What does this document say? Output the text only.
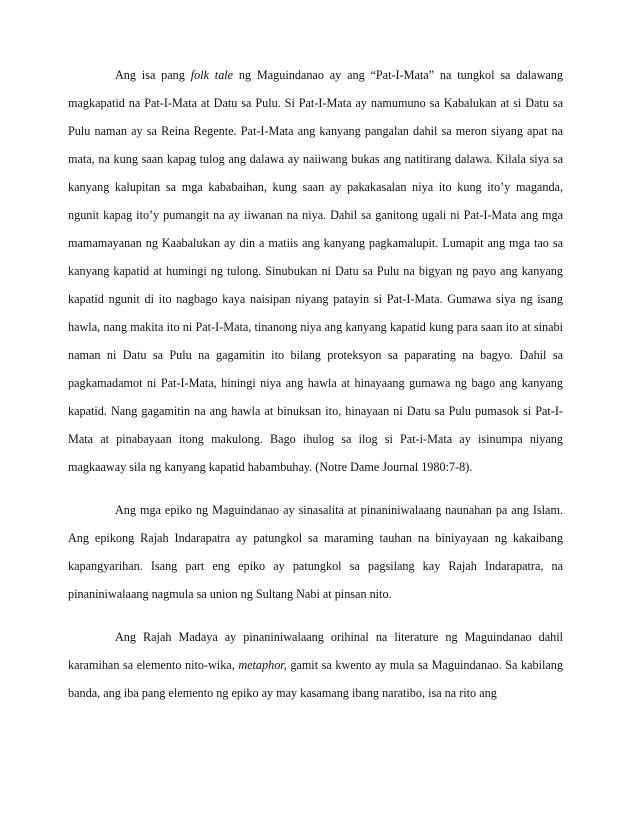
Ang isa pang folk tale ng Maguindanao ay ang “Pat-I-Mata” na tungkol sa dalawang magkapatid na Pat-I-Mata at Datu sa Pulu. Si Pat-I-Mata ay namumuno sa Kabalukan at si Datu sa Pulu naman ay sa Reina Regente. Pat-I-Mata ang kanyang pangalan dahil sa meron siyang apat na mata, na kung saan kapag tulog ang dalawa ay naiiwang bukas ang natitirang dalawa. Kilala siya sa kanyang kalupitan sa mga kababaihan, kung saan ay pakakasalan niya ito kung ito’y maganda, ngunit kapag ito’y pumangit na ay iiwanan na niya. Dahil sa ganitong ugali ni Pat-I-Mata ang mga mamamayanan ng Kaabalukan ay din a matiis ang kanyang pagkamalupit. Lumapit ang mga tao sa kanyang kapatid at humingi ng tulong. Sinubukan ni Datu sa Pulu na bigyan ng payo ang kanyang kapatid ngunit di ito nagbago kaya naisipan niyang patayin si Pat-I-Mata. Gumawa siya ng isang hawla, nang makita ito ni Pat-I-Mata, tinanong niya ang kanyang kapatid kung para saan ito at sinabi naman ni Datu sa Pulu na gagamitin ito bilang proteksyon sa paparating na bagyo. Dahil sa pagkamadamot ni Pat-I-Mata, hiningi niya ang hawla at hinayaang gumawa ng bago ang kanyang kapatid. Nang gagamitin na ang hawla at binuksan ito, hinayaan ni Datu sa Pulu pumasok si Pat-I-Mata at pinabayaan itong makulong. Bago ihulog sa ilog si Pat-i-Mata ay isinumpa niyang magkaaway sila ng kanyang kapatid habambuhay. (Notre Dame Journal 1980:7-8).

Ang mga epiko ng Maguindanao ay sinasalita at pinaniniwalaang naunahan pa ang Islam. Ang epikong Rajah Indarapatra ay patungkol sa maraming tauhan na biniyayaan ng kakaibang kapangyarihan. Isang part eng epiko ay patungkol sa pagsilang kay Rajah Indarapatra, na pinaniniwalaang nagmula sa union ng Sultang Nabi at pinsan nito.

Ang Rajah Madaya ay pinaniniwalaang orihinal na literature ng Maguindanao dahil karamihan sa elemento nito-wika, metaphor, gamit sa kwento ay mula sa Maguindanao. Sa kabilang banda, ang iba pang elemento ng epiko ay may kasamang ibang naratibo, isa na rito ang
